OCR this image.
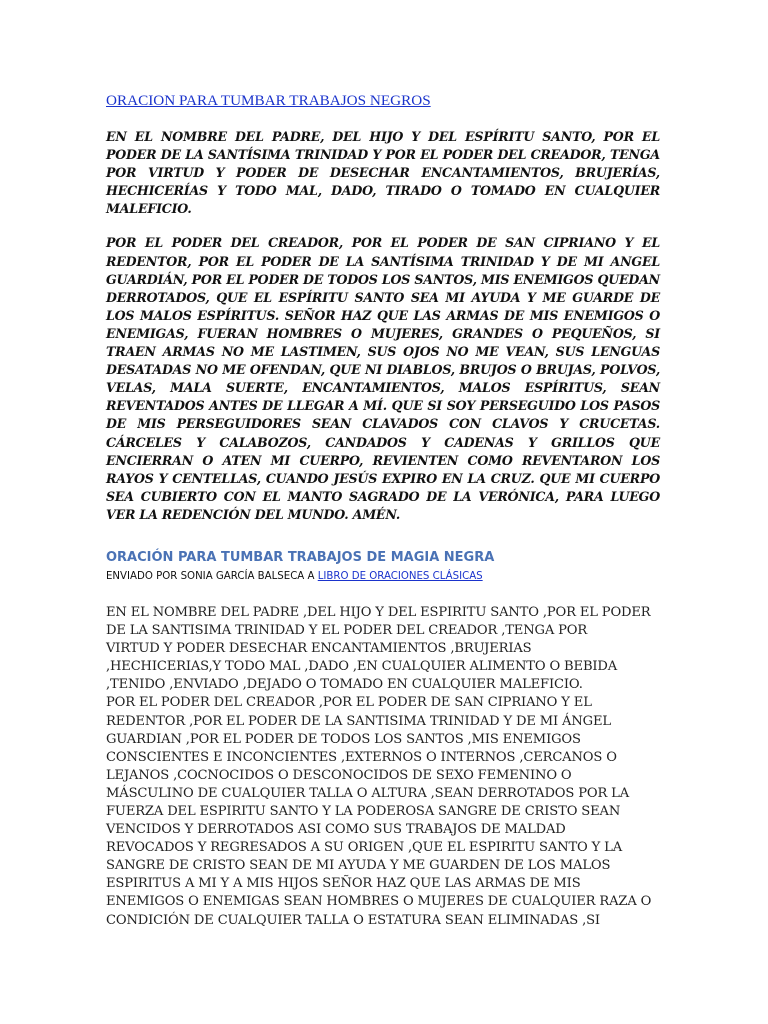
ORACION PARA TUMBAR TRABAJOS NEGROS

EN EL NOMBRE DEL PADRE, DEL HIJO Y DEL ESPÍRITU SANTO, POR EL PODER DE LA SANTÍSIMA TRINIDAD Y POR EL PODER DEL CREADOR, TENGA POR VIRTUD Y PODER DE DESECHAR ENCANTAMIENTOS, BRUJERÍAS, HECHICERÍAS Y TODO MAL, DADO, TIRADO O TOMADO EN CUALQUIER MALEFICIO.

POR EL PODER DEL CREADOR, POR EL PODER DE SAN CIPRIANO Y EL REDENTOR, POR EL PODER DE LA SANTÍSIMA TRINIDAD Y DE MI ANGEL GUARDIÁN, POR EL PODER DE TODOS LOS SANTOS, MIS ENEMIGOS QUEDAN DERROTADOS, QUE EL ESPÍRITU SANTO SEA MI AYUDA Y ME GUARDE DE LOS MALOS ESPÍRITUS. SEÑOR HAZ QUE LAS ARMAS DE MIS ENEMIGOS O ENEMIGAS, FUERAN HOMBRES O MUJERES, GRANDES O PEQUEÑOS, SI TRAEN ARMAS NO ME LASTIMEN, SUS OJOS NO ME VEAN, SUS LENGUAS DESATADAS NO ME OFENDAN, QUE NI DIABLOS, BRUJOS O BRUJAS, POLVOS, VELAS, MALA SUERTE, ENCANTAMIENTOS, MALOS ESPÍRITUS, SEAN REVENTADOS ANTES DE LLEGAR A MÍ. QUE SI SOY PERSEGUIDO LOS PASOS DE MIS PERSEGUIDORES SEAN CLAVADOS CON CLAVOS Y CRUCETAS. CÁRCELES Y CALABOZOS, CANDADOS Y CADENAS Y GRILLOS QUE ENCIERRAN O ATEN MI CUERPO, REVIENTEN COMO REVENTARON LOS RAYOS Y CENTELLAS, CUANDO JESÚS EXPIRO EN LA CRUZ. QUE MI CUERPO SEA CUBIERTO CON EL MANTO SAGRADO DE LA VERÓNICA, PARA LUEGO VER LA REDENCIÓN DEL MUNDO. AMÉN.

ORACIÓN PARA TUMBAR TRABAJOS DE MAGIA NEGRA
ENVIADO POR SONIA GARCÍA BALSECA A LIBRO DE ORACIONES CLÁSICAS
EN EL NOMBRE DEL PADRE ,DEL HIJO Y DEL ESPIRITU SANTO ,POR EL PODER
DE LA SANTISIMA TRINIDAD Y EL PODER DEL CREADOR ,TENGA POR
VIRTUD Y PODER DESECHAR ENCANTAMIENTOS ,BRUJERIAS
,HECHICERIAS,Y TODO MAL ,DADO ,EN CUALQUIER ALIMENTO O BEBIDA
,TENIDO ,ENVIADO ,DEJADO O TOMADO EN CUALQUIER MALEFICIO.
POR EL PODER DEL CREADOR ,POR EL PODER DE SAN CIPRIANO Y EL
REDENTOR ,POR EL PODER DE LA SANTISIMA TRINIDAD Y DE MI ÁNGEL
GUARDIAN ,POR EL PODER DE TODOS LOS SANTOS ,MIS ENEMIGOS
CONSCIENTES E INCONCIENTES ,EXTERNOS O INTERNOS ,CERCANOS O
LEJANOS ,COCNOCIDOS O DESCONOCIDOS DE SEXO FEMENINO O
MÁSCULINO DE CUALQUIER TALLA O ALTURA ,SEAN DERROTADOS POR LA
FUERZA DEL ESPIRITU SANTO Y LA PODEROSA SANGRE DE CRISTO SEAN
VENCIDOS Y DERROTADOS ASI COMO SUS TRABAJOS DE MALDAD
REVOCADOS Y REGRESADOS A SU ORIGEN ,QUE EL ESPIRITU SANTO Y LA
SANGRE DE CRISTO SEAN DE MI AYUDA Y ME GUARDEN DE LOS MALOS
ESPIRITUS A MI Y A MIS HIJOS SEÑOR HAZ QUE LAS ARMAS DE MIS
ENEMIGOS O ENEMIGAS SEAN HOMBRES O MUJERES DE CUALQUIER RAZA O
CONDICIÓN DE CUALQUIER TALLA O ESTATURA SEAN ELIMINADAS ,SI
